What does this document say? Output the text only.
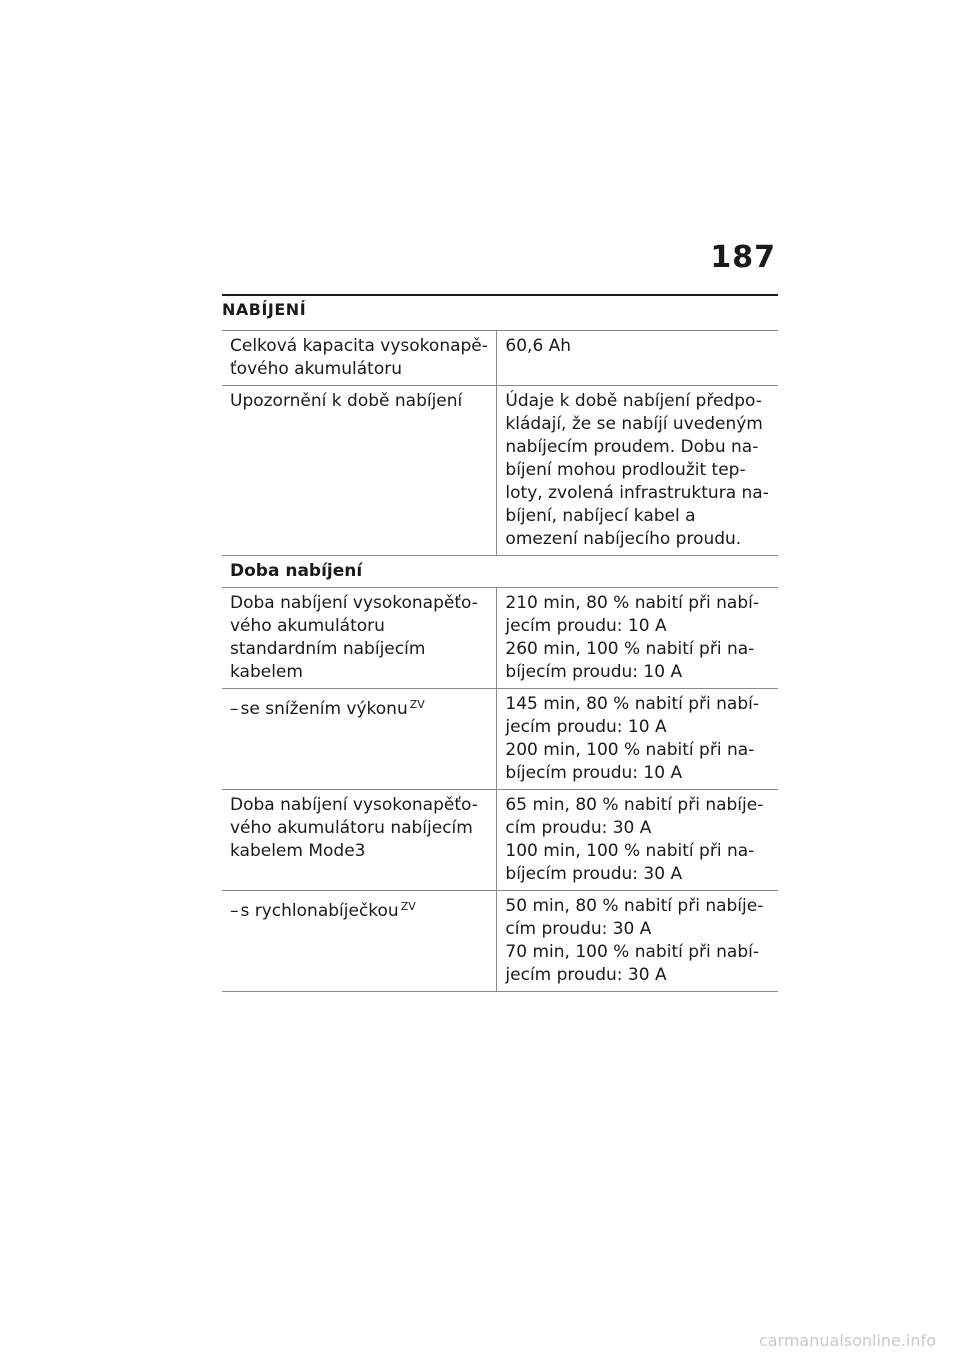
187
NABÍJENÍ
Celková kapacita vysokonapě-ťového akumulátoru	60,6 Ah

Upozornění k době nabíjení	Údaje k době nabíjení předpo-kládají, že se nabíjí uvedeným nabíjecím proudem. Dobu na-bíjení mohou prodloužit tep-loty, zvolená infrastruktura na-bíjení, nabíjecí kabel a omezení nabíjecího proudu.

Doba nabíjení	
Doba nabíjení vysokonapěťo-vého akumulátoru standardním nabíjecím kabelem	210 min, 80 % nabití při nabí-jecím proudu: 10 A
260 min, 100 % nabití při na-bíjecím proudu: 10 A

– se snížením výkonu $^{ZV}$	145 min, 80 % nabití při nabí-jecím proudu: 10 A
200 min, 100 % nabití při na-bíjecím proudu: 10 A

Doba nabíjení vysokonapěťo-vého akumulátoru nabíjecím kabelem Mode3	65 min, 80 % nabití při nabíje-cím proudu: 30 A
100 min, 100 % nabití při na-bíjecím proudu: 30 A

– s rychlonabíječkou $^{ZV}$	50 min, 80 % nabití při nabíje-cím proudu: 30 A
70 min, 100 % nabití při nabí-jecím proudu: 30 A
carmanualsonline.info
